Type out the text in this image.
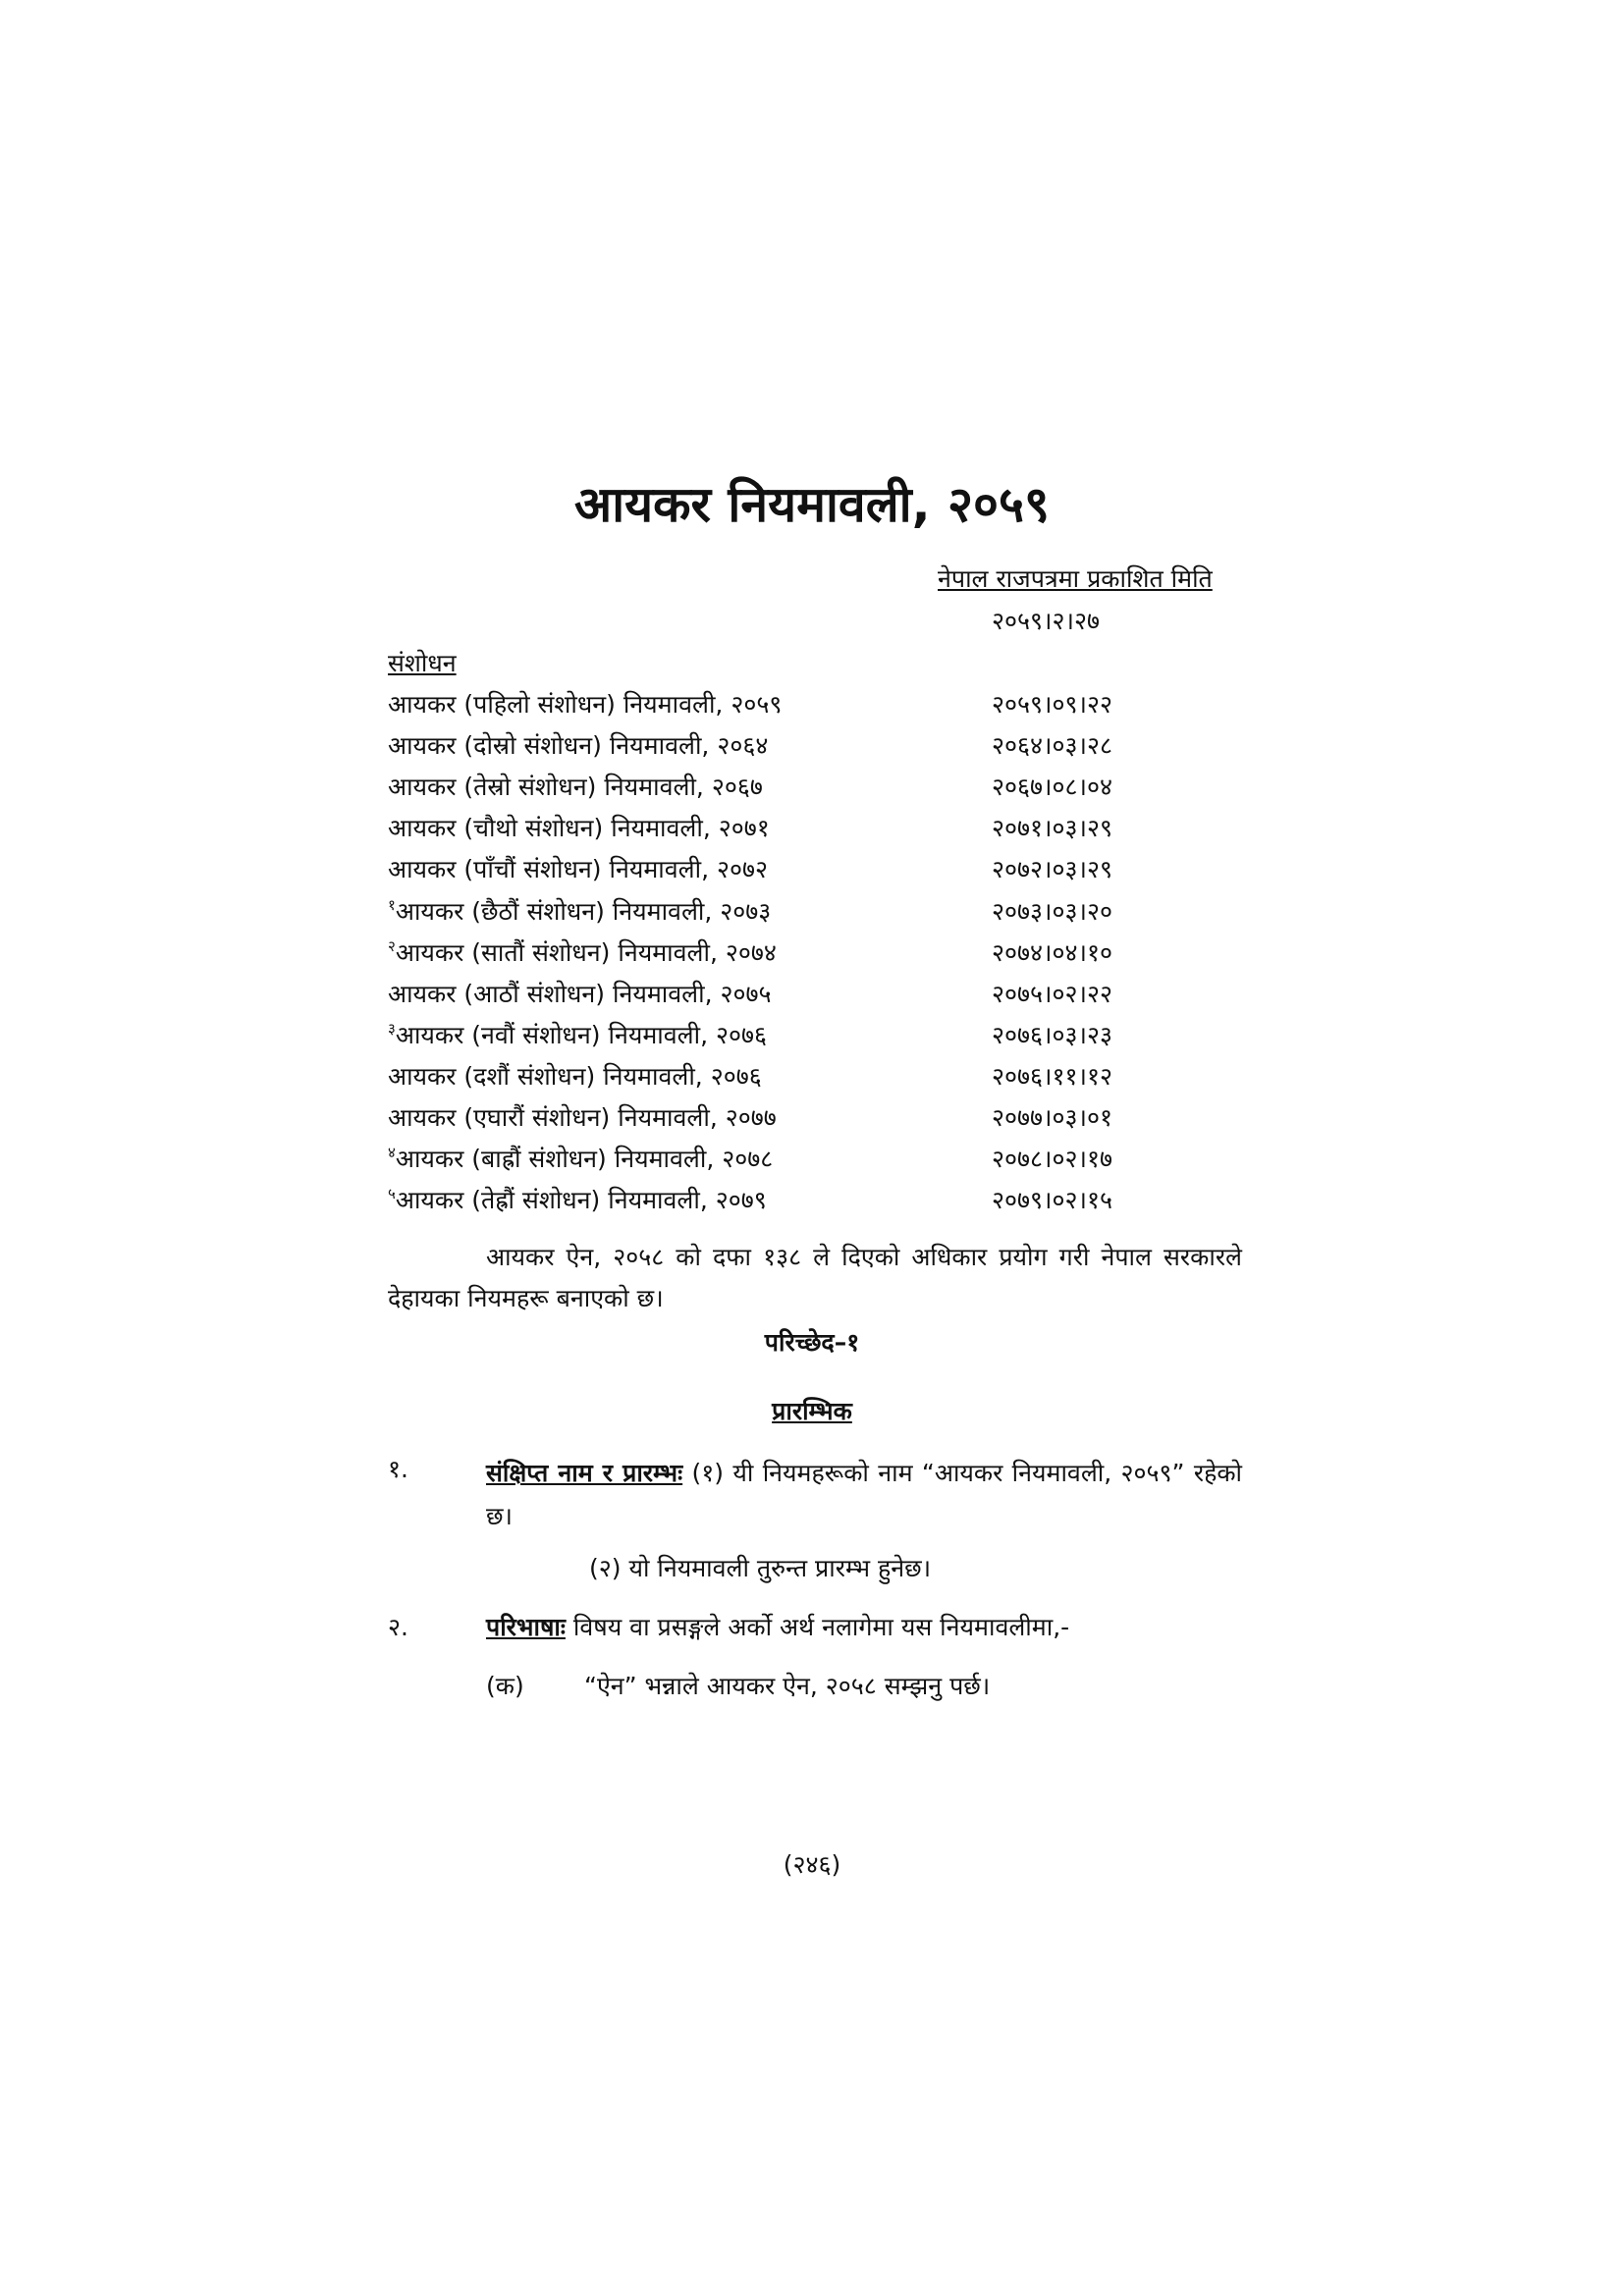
आयकर नियमावली, २०५९
नेपाल राजपत्रमा प्रकाशित मिति
२०५९।२।२७
संशोधन
आयकर (पहिलो संशोधन) नियमावली, २०५९	२०५९।०९।२२
आयकर (दोस्रो संशोधन) नियमावली, २०६४	२०६४।०३।२८
आयकर (तेस्रो संशोधन) नियमावली, २०६७	२०६७।०८।०४
आयकर (चौथो संशोधन) नियमावली, २०७१	२०७१।०३।२९
आयकर (पाँचौं संशोधन) नियमावली, २०७२	२०७२।०३।२९
$^१$आयकर (छैठौं संशोधन) नियमावली, २०७३	२०७३।०३।२०
$^२$आयकर (सातौं संशोधन) नियमावली, २०७४	२०७४।०४।१०
आयकर (आठौं संशोधन) नियमावली, २०७५	२०७५।०२।२२
$^३$आयकर (नवौं संशोधन) नियमावली, २०७६	२०७६।०३।२३
आयकर (दशौं संशोधन) नियमावली, २०७६	२०७६।११।१२
आयकर (एघारौं संशोधन) नियमावली, २०७७	२०७७।०३।०१
$^४$आयकर (बाह्रौं संशोधन) नियमावली, २०७८	२०७८।०२।१७
$^५$आयकर (तेह्रौं संशोधन) नियमावली, २०७९	२०७९।०२।१५
आयकर ऐन, २०५८ को दफा १३८ ले दिएको अधिकार प्रयोग गरी नेपाल सरकारले देहायका नियमहरू बनाएको छ।
परिच्छेद–१
प्रारम्भिक
१.	संक्षिप्त नाम र प्रारम्भः (१) यी नियमहरूको नाम “आयकर नियमावली, २०५९” रहेको छ।
(२) यो नियमावली तुरुन्त प्रारम्भ हुनेछ।
२.	परिभाषाः विषय वा प्रसङ्गले अर्को अर्थ नलागेमा यस नियमावलीमा,-
(क) “ऐन” भन्नाले आयकर ऐन, २०५८ सम्झनु पर्छ।
(२४६)
